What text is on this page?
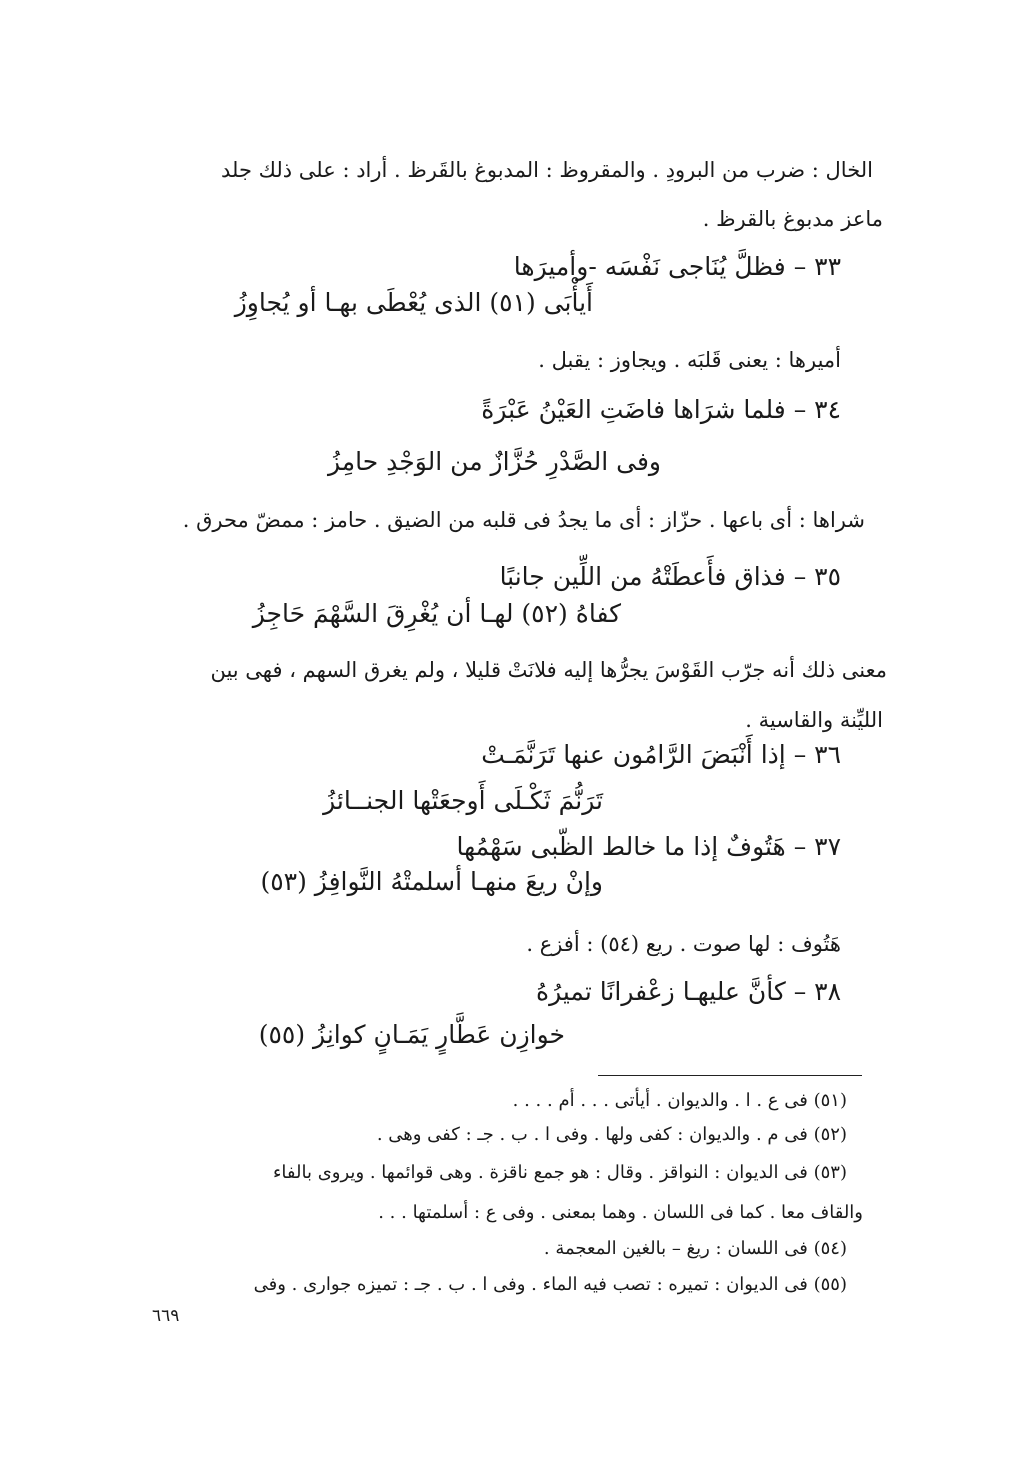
الخال : ضرب من البرودِ . والمقروظ : المدبوغ بالقَرظ . أراد : على ذلك جلد
ماعز مدبوغ بالقرظ .
٣٣ – فظلَّ يُنَاجى نَفْسَه -وأميرَها
أَيأْبَى (٥١) الذى يُعْطَى بهـا أو يُجاوِزُ
أميرها : يعنى قَلبَه . ويجاوز : يقبل .
٣٤ – فلما شرَاها فاضَتِ العَيْنُ عَبْرَةً
وفى الصَّدْرِ حُزَّازٌ من الوَجْدِ حامِزُ
شراها : أى باعها . حزّاز : أى ما يجدُ فى قلبه من الضيق . حامز : ممضّ محرق .
٣٥ – فذاق فأَعطَتْهُ من اللِّين جانبًا
كفاهُ (٥٢) لهـا أن يُغْرِقَ السَّهْمَ حَاجِزُ
معنى ذلك أنه جرّب القَوْسَ يجرُّها إليه فلانَتْ قليلا ، ولم يغرق السهم ، فهى بين
الليِّنة والقاسية .
٣٦ – إذا أَنْبَضَ الرَّامُون عنها تَرَنَّمَـتْ
تَرَنُّمَ ثَكْـلَى أَوجعَتْها الجنــائزُ
٣٧ – هَتُوفٌ إذا ما خالط الظّبى سَهْمُها
وإنْ ريعَ منهـا أسلمتْهُ النَّوافِزُ (٥٣)
هَتُوف : لها صوت . ريع (٥٤) : أفزع .
٣٨ – كأنَّ عليهـا زعْفرانًا تميرُهُ
خوازِن عَطَّارٍ يَمَـانٍ كوانِزُ (٥٥)
(٥١) فى ع . ا . والديوان . أيأتى . . . أم . . . .
(٥٢) فى م . والديوان : كفى ولها . وفى ا . ب . جـ : كفى وهى .
(٥٣) فى الديوان : النواقز . وقال : هو جمع ناقزة . وهى قوائمها . ويروى بالفاء
والقاف معا . كما فى اللسان . وهما بمعنى . وفى ع : أسلمتها . . .
(٥٤) فى اللسان : ريغ – بالغين المعجمة .
(٥٥) فى الديوان : تميره : تصب فيه الماء . وفى ا . ب . جـ : تميزه جوارى . وفى
٦٦٩
